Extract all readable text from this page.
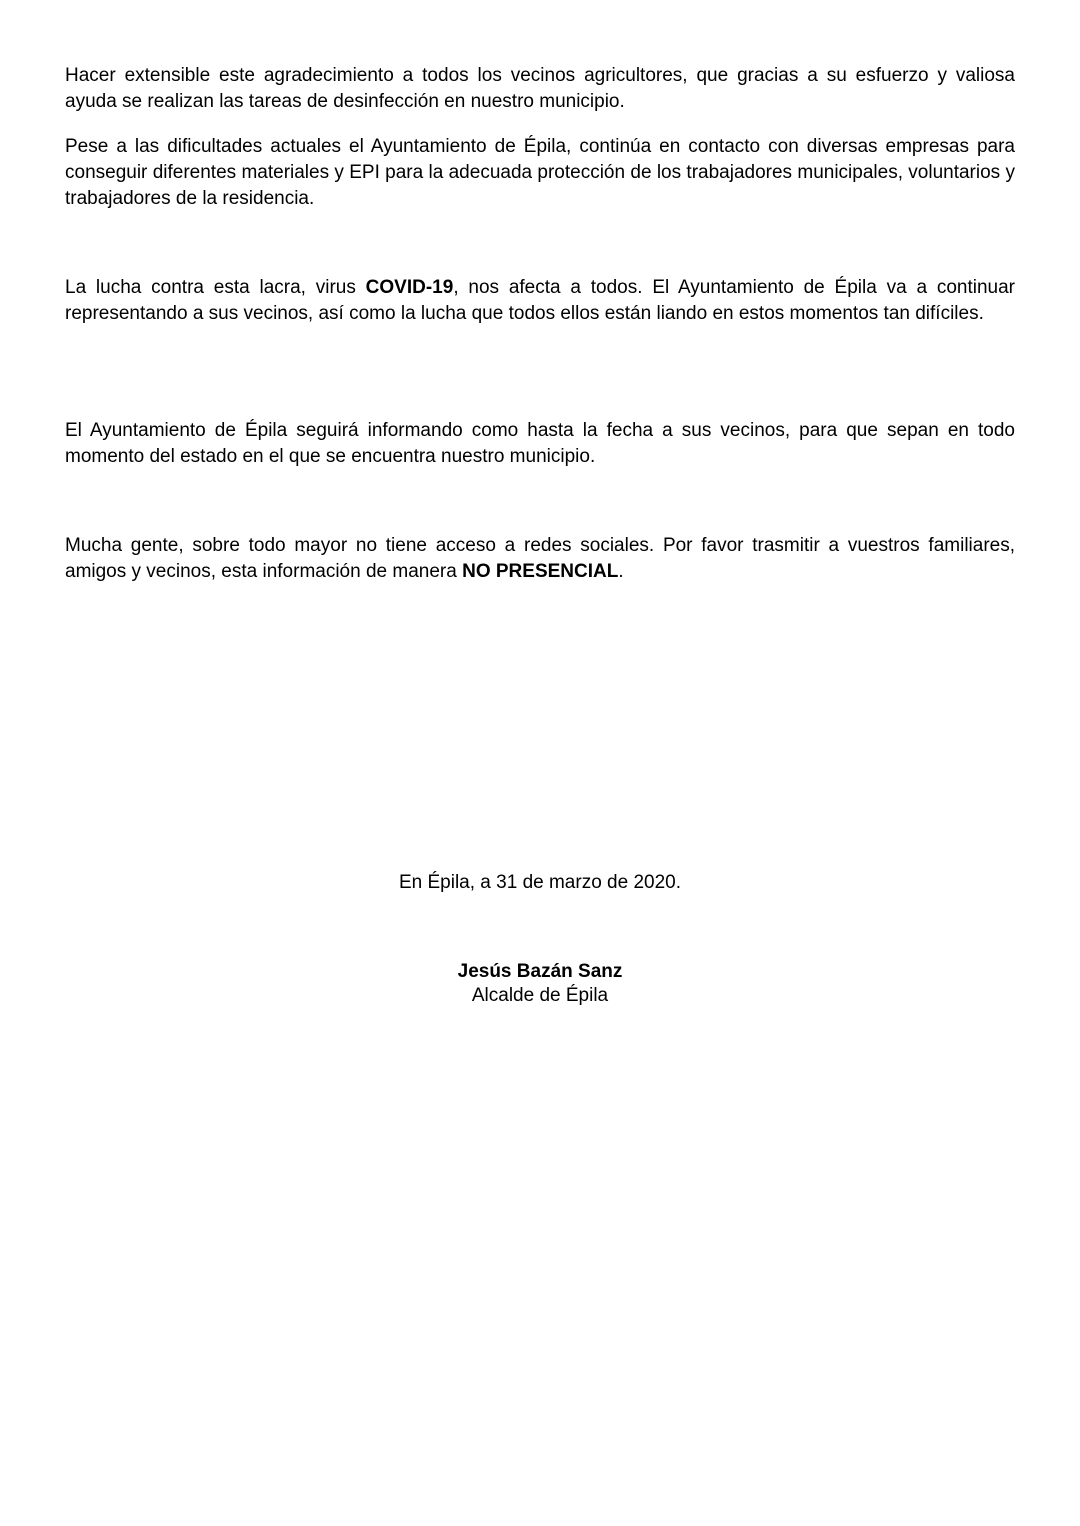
Hacer extensible este agradecimiento a todos los vecinos agricultores, que gracias a su esfuerzo y valiosa ayuda se realizan las tareas de desinfección en nuestro municipio.

Pese a las dificultades actuales el Ayuntamiento de Épila, continúa en contacto con diversas empresas para conseguir diferentes materiales y EPI para la adecuada protección de los trabajadores municipales, voluntarios y trabajadores de la residencia.

La lucha contra esta lacra, virus COVID-19, nos afecta a todos. El Ayuntamiento de Épila va a continuar representando a sus vecinos, así como la lucha que todos ellos están liando en estos momentos tan difíciles.

El Ayuntamiento de Épila seguirá informando como hasta la fecha a sus vecinos, para que sepan en todo momento del estado en el que se encuentra nuestro municipio.

Mucha gente, sobre todo mayor no tiene acceso a redes sociales. Por favor trasmitir a vuestros familiares, amigos y vecinos, esta información de manera NO PRESENCIAL.

En Épila, a 31 de marzo de 2020.

Jesús Bazán Sanz

Alcalde de Épila
